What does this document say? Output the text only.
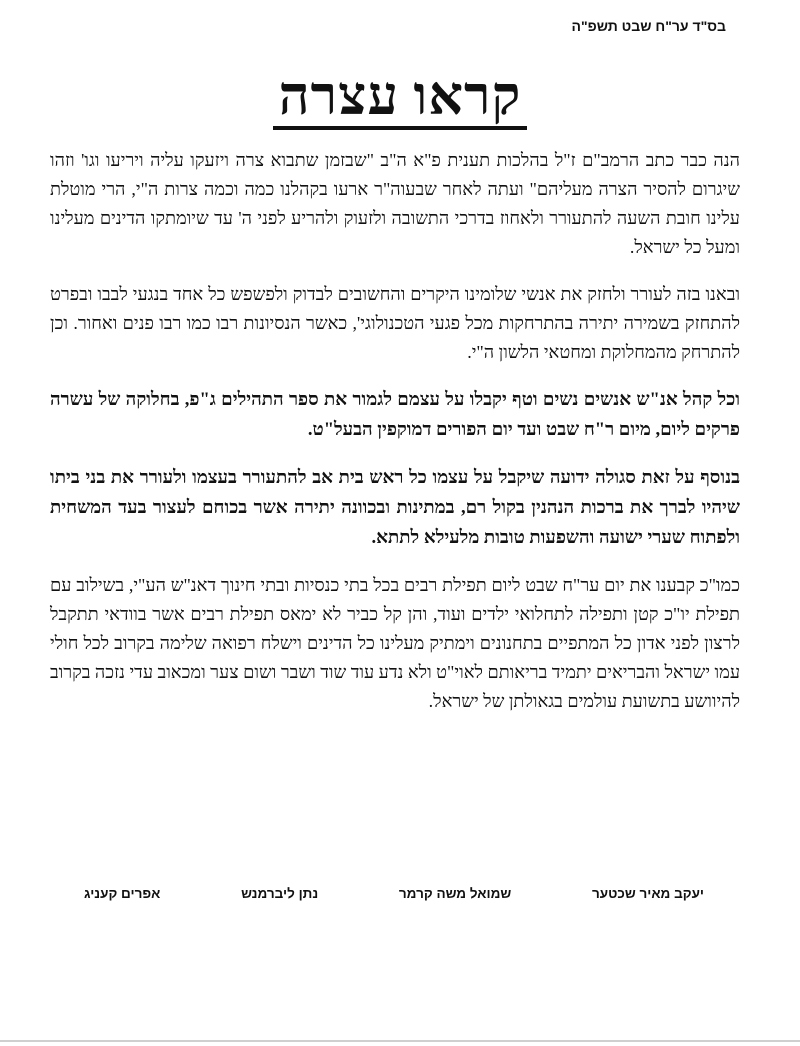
בס"ד ער"ח שבט תשפ"ה
קראו עצרה

הנה כבר כתב הרמב"ם ז"ל בהלכות תענית פ"א ה"ב "שבזמן שתבוא צרה ויזעקו עליה ויריעו וגו' וזהו שיגרום להסיר הצרה מעליהם" ועתה לאחר שבעוה"ר ארעו בקהלנו כמה וכמה צרות ה"י, הרי מוטלת עלינו חובת השעה להתעורר ולאחוז בדרכי התשובה ולזעוק ולהריע לפני ה' עד שיומתקו הדינים מעלינו ומעל כל ישראל.

ובאנו בזה לעורר ולחזק את אנשי שלומינו היקרים והחשובים לבדוק ולפשפש כל אחד בנגעי לבבו ובפרט להתחזק בשמירה יתירה בהתרחקות מכל פגעי הטכנולוגי', כאשר הנסיונות רבו כמו רבו פנים ואחור. וכן להתרחק מהמחלוקת ומחטאי הלשון ה"י.

וכל קהל אנ"ש אנשים נשים וטף יקבלו על עצמם לגמור את ספר התהילים ג"פ, בחלוקה של עשרה פרקים ליום, מיום ר"ח שבט ועד יום הפורים דמוקפין הבעל"ט.

בנוסף על זאת סגולה ידועה שיקבל על עצמו כל ראש בית אב להתעורר בעצמו ולעורר את בני ביתו שיהיו לברך את ברכות הנהנין בקול רם, במתינות ובכוונה יתירה אשר בכוחם לעצור בעד המשחית ולפתוח שערי ישועה והשפעות טובות מלעילא לתתא.

כמו"כ קבענו את יום ער"ח שבט ליום תפילת רבים בכל בתי כנסיות ובתי חינוך דאנ"ש הע"י, בשילוב עם תפילת יו"כ קטן ותפילה לתחלואי ילדים ועוד, והן קל כביר לא ימאס תפילת רבים אשר בוודאי תתקבל לרצון לפני אדון כל המתפיים בתחנונים וימתיק מעלינו כל הדינים וישלח רפואה שלימה בקרוב לכל חולי עמו ישראל והבריאים יתמיד בריאותם לאוי"ט ולא נדע עוד שוד ושבר ושום צער ומכאוב עדי נזכה בקרוב להיוושע בתשועת עולמים בגאולתן של ישראל.

יעקב מאיר שכטער
שמואל משה קרמר
נתן ליברמנש
אפרים קעניג
